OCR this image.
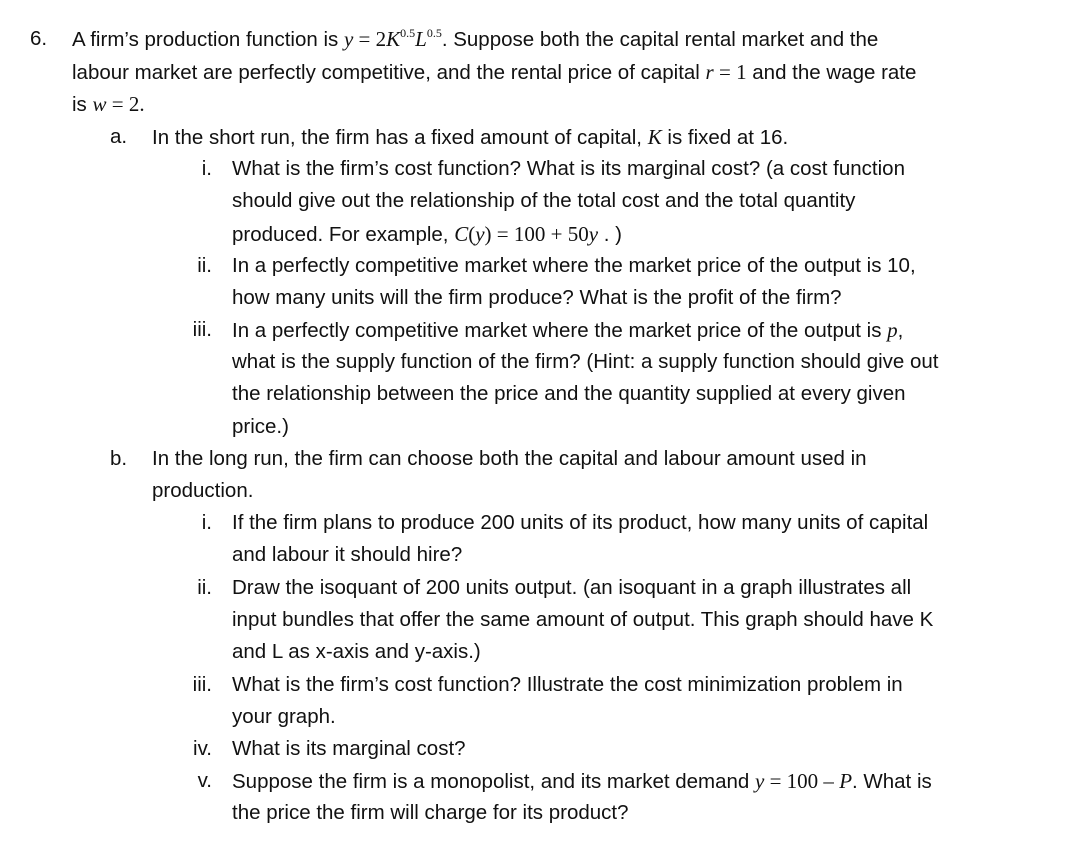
6.	A firm’s production function is $y = 2K^{0.5}L^{0.5}$. Suppose both the capital rental market and the
labour market are perfectly competitive, and the rental price of capital r = 1 and the wage rate
is w = 2.
a.	In the short run, the firm has a fixed amount of capital, K is fixed at 16.
i. What is the firm’s cost function? What is its marginal cost? (a cost function
should give out the relationship of the total cost and the total quantity
produced. For example, C(y) = 100 + 50y . )
ii. In a perfectly competitive market where the market price of the output is 10,
how many units will the firm produce? What is the profit of the firm?
iii. In a perfectly competitive market where the market price of the output is p,
what is the supply function of the firm? (Hint: a supply function should give out
the relationship between the price and the quantity supplied at every given
price.)
b.	In the long run, the firm can choose both the capital and labour amount used in
production.
i. If the firm plans to produce 200 units of its product, how many units of capital
and labour it should hire?
ii. Draw the isoquant of 200 units output. (an isoquant in a graph illustrates all
input bundles that offer the same amount of output. This graph should have K
and L as x-axis and y-axis.)
iii. What is the firm’s cost function? Illustrate the cost minimization problem in
your graph.
iv. What is its marginal cost?
v. Suppose the firm is a monopolist, and its market demand y = 100 – P. What is
the price the firm will charge for its product?
